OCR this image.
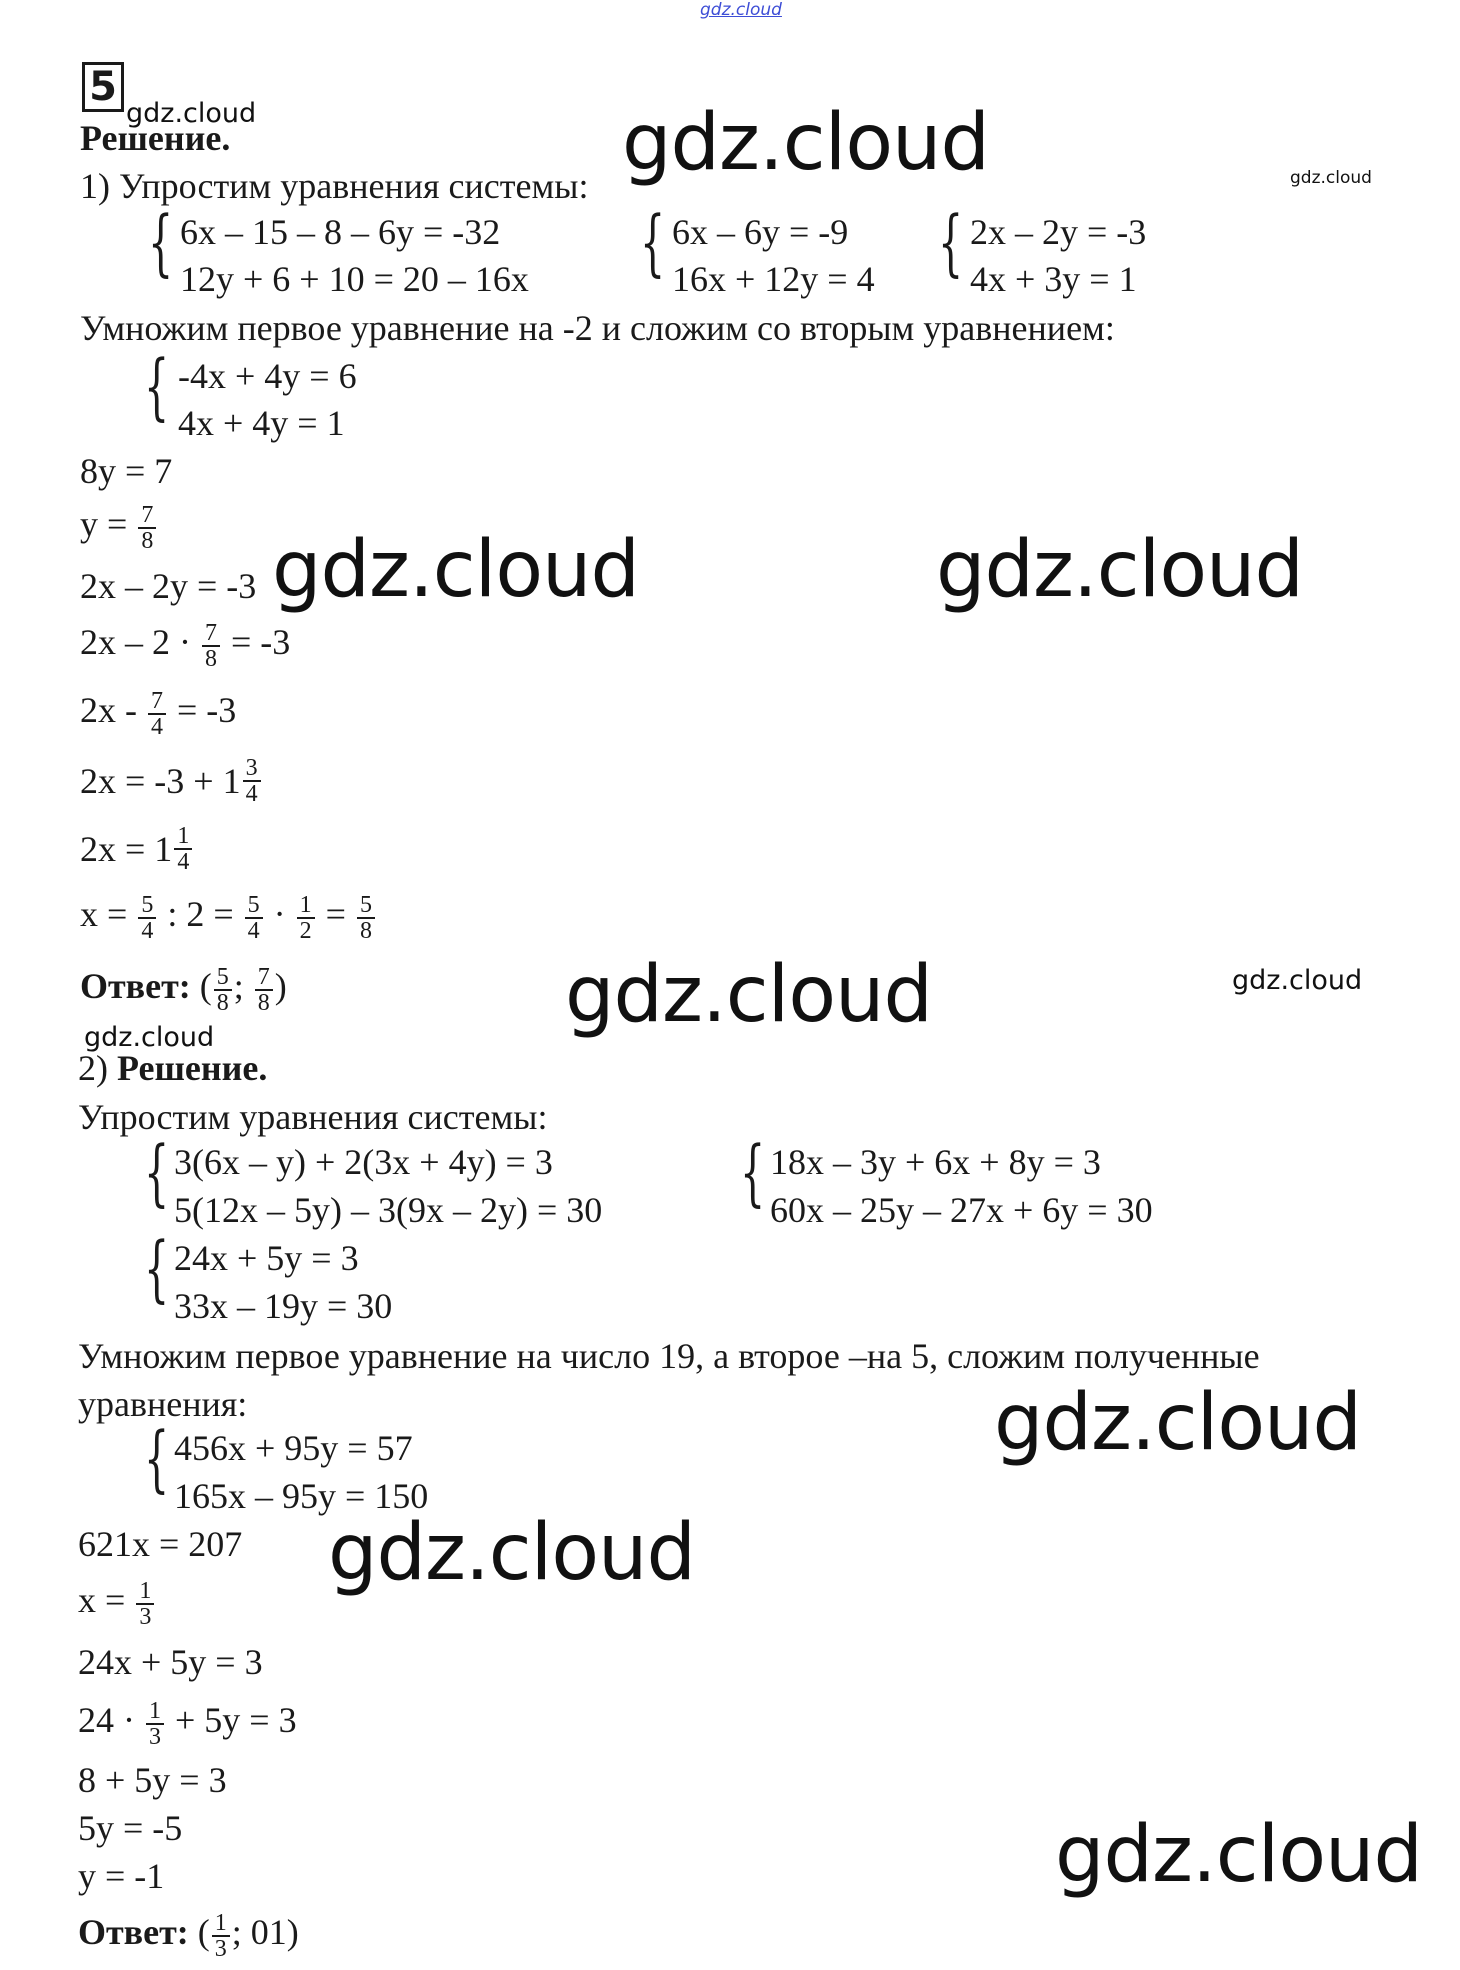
gdz.cloud
gdz.cloud	gdz.cloud	gdz.cloud
gdz.cloud	gdz.cloud
gdz.cloud	gdz.cloud
gdz.cloud
gdz.cloud
gdz.cloud
gdz.cloud
5
Решение.
1) Упростим уравнения системы:
{ 6x – 15 – 8 – 6y = -32
12y + 6 + 10 = 20 – 16x { 6x – 6y = -9
16x + 12y = 4 { 2x – 2y = -3
4x + 3y = 1
Умножим первое уравнение на -2 и сложим со вторым уравнением:
{ -4x + 4y = 6
4x + 4y = 1
8y = 7
$y = \frac{7}{8}$
2x – 2y = -3
$2x - 2 \cdot \frac{7}{8} = -3$
$2x - \frac{7}{4} = -3$
$2x = -3 + 1 \frac{3}{4}$
$2x = 1 \frac{1}{4}$
$x = \frac{5}{4}$ : $2 = \frac{5}{4} \cdot \frac{1}{2} = \frac{5}{8}$
Ответ: ( $\frac{5}{8}$ ; $\frac{7}{8}$ )
2) Решение.
Упростим уравнения системы:
{ 3(6x – y) + 2(3x + 4y) = 3
5(12x – 5y) – 3(9x – 2y) = 30 { 18x – 3y + 6x + 8y = 3
60x – 25y – 27x + 6y = 30
{ 24x + 5y = 3
33x – 19y = 30
Умножим первое уравнение на число 19, а второе –на 5, сложим полученные
уравнения:
{ 456x + 95y = 57
165x – 95y = 150
621x = 207
$x = \frac{1}{3}$
24x + 5y = 3
$24 \cdot \frac{1}{3} + 5y = 3$
8 + 5y = 3
5y = -5
y = -1
Ответ: ( $\frac{1}{3}$ ; 01)
